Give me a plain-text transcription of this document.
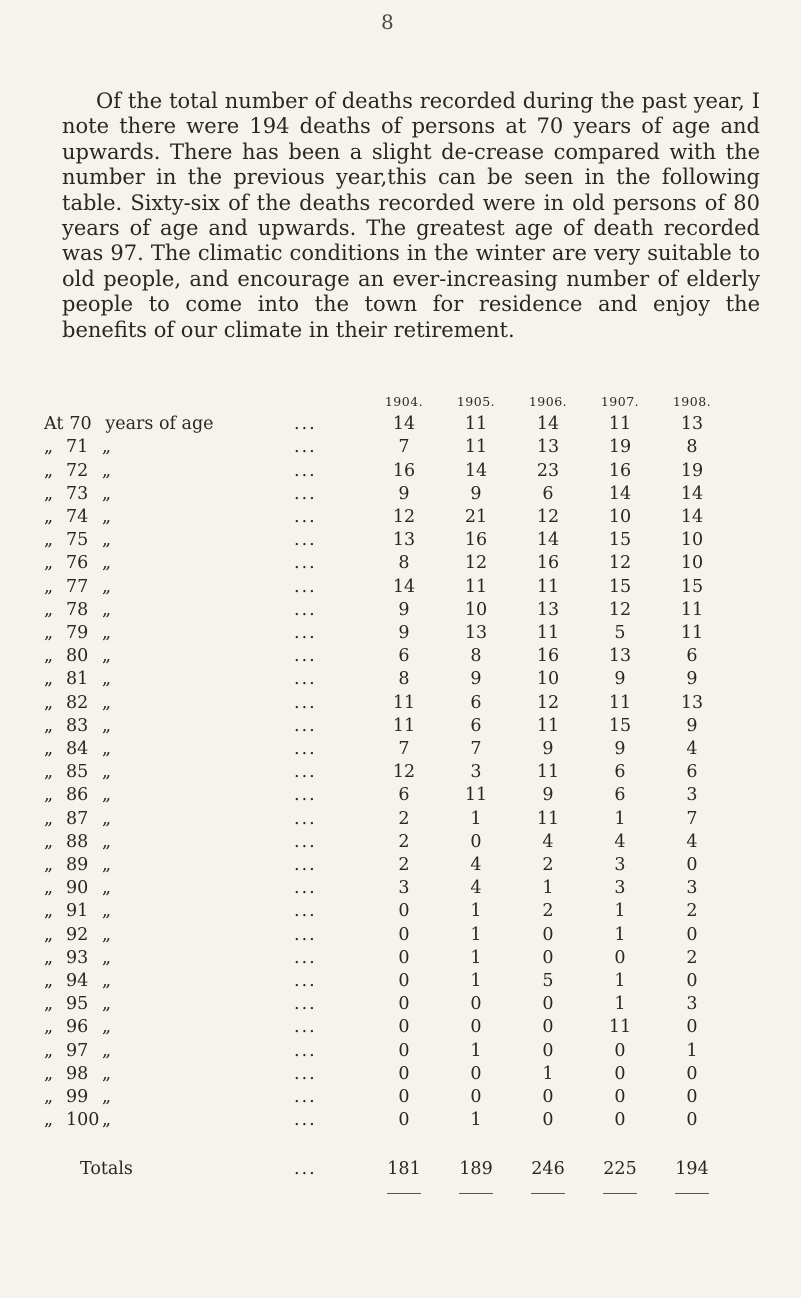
8

Of the total number of deaths recorded during the past year, I note there were 194 deaths of persons at 70 years of age and upwards. There has been a slight de-crease compared with the number in the previous year,this can be seen in the following table. Sixty-six of the deaths recorded were in old persons of 80 years of age and upwards. The greatest age of death recorded was 97. The climatic conditions in the winter are very suitable to old people, and encourage an ever-increasing number of elderly people to come into the town for residence and enjoy the benefits of our climate in their retirement.

		1904.	1905.	1906.	1907.	1908.
At 70 years of age	...	14	11	14	11	13
„ 71 „	...	7	11	13	19	8
„ 72 „	...	16	14	23	16	19
„ 73 „	...	9	9	6	14	14
„ 74 „	...	12	21	12	10	14
„ 75 „	...	13	16	14	15	10
„ 76 „	...	8	12	16	12	10
„ 77 „	...	14	11	11	15	15
„ 78 „	...	9	10	13	12	11
„ 79 „	...	9	13	11	5	11
„ 80 „	...	6	8	16	13	6
„ 81 „	...	8	9	10	9	9
„ 82 „	...	11	6	12	11	13
„ 83 „	...	11	6	11	15	9
„ 84 „	...	7	7	9	9	4
„ 85 „	...	12	3	11	6	6
„ 86 „	...	6	11	9	6	3
„ 87 „	...	2	1	11	1	7
„ 88 „	...	2	0	4	4	4
„ 89 „	...	2	4	2	3	0
„ 90 „	...	3	4	1	3	3
„ 91 „	...	0	1	2	1	2
„ 92 „	...	0	1	0	1	0
„ 93 „	...	0	1	0	0	2
„ 94 „	...	0	1	5	1	0
„ 95 „	...	0	0	0	1	3
„ 96 „	...	0	0	0	11	0
„ 97 „	...	0	1	0	0	1
„ 98 „	...	0	0	1	0	0
„ 99 „	...	0	0	0	0	0
„ 100 „	...	0	1	0	0	0

Totals	...	181	189	246	225	194
